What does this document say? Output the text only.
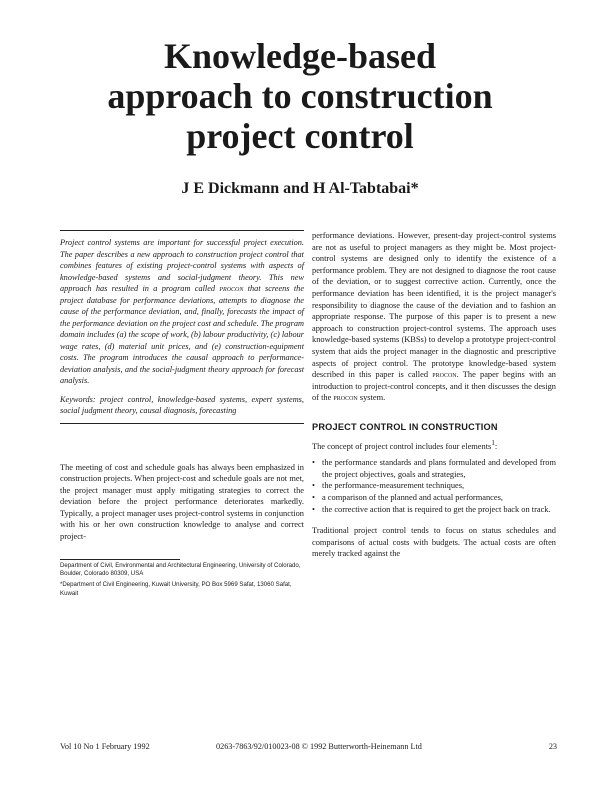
Knowledge-based
approach to construction
project control

J E Dickmann and H Al-Tabtabai*

Project control systems are important for successful project execution. The paper describes a new approach to construction project control that combines features of existing project-control systems with aspects of knowledge-based systems and social-judgment theory. This new approach has resulted in a program called procon that screens the project database for performance deviations, attempts to diagnose the cause of the performance deviation, and, finally, forecasts the impact of the performance deviation on the project cost and schedule. The program domain includes (a) the scope of work, (b) labour productivity, (c) labour wage rates, (d) material unit prices, and (e) construction-equipment costs. The program introduces the causal approach to performance-deviation analysis, and the social-judgment theory approach for forecast analysis.

Keywords: project control, knowledge-based systems, expert systems, social judgment theory, causal diagnosis, forecasting

The meeting of cost and schedule goals has always been emphasized in construction projects. When project-cost and schedule goals are not met, the project manager must apply mitigating strategies to correct the deviation before the project performance deteriorates markedly. Typically, a project manager uses project-control systems in conjunction with his or her own construction knowledge to analyse and correct project-

Department of Civil, Environmental and Architectural Engineering, University of Colorado, Boulder, Colorado 80309, USA

*Department of Civil Engineering, Kuwait University, PO Box 5969 Safat, 13060 Safat, Kuwait

performance deviations. However, present-day project-control systems are not as useful to project managers as they might be. Most project-control systems are designed only to identify the existence of a performance problem. They are not designed to diagnose the root cause of the deviation, or to suggest corrective action. Currently, once the performance deviation has been identified, it is the project manager's responsibility to diagnose the cause of the deviation and to fashion an appropriate response. The purpose of this paper is to present a new approach to construction project-control systems. The approach uses knowledge-based systems (KBSs) to develop a prototype project-control system that aids the project manager in the diagnostic and prescriptive aspects of project control. The prototype knowledge-based system described in this paper is called procon. The paper begins with an introduction to project-control concepts, and it then discusses the design of the procon system.

PROJECT CONTROL IN CONSTRUCTION

The concept of project control includes four elements$^1$:

• the performance standards and plans formulated and developed from the project objectives, goals and strategies,
• the performance-measurement techniques,
• a comparison of the planned and actual performances,
• the corrective action that is required to get the project back on track.

Traditional project control tends to focus on status schedules and comparisons of actual costs with budgets. The actual costs are often merely tracked against the

Vol 10 No 1 February 1992	0263-7863/92/010023-08 © 1992 Butterworth-Heinemann Ltd	23
